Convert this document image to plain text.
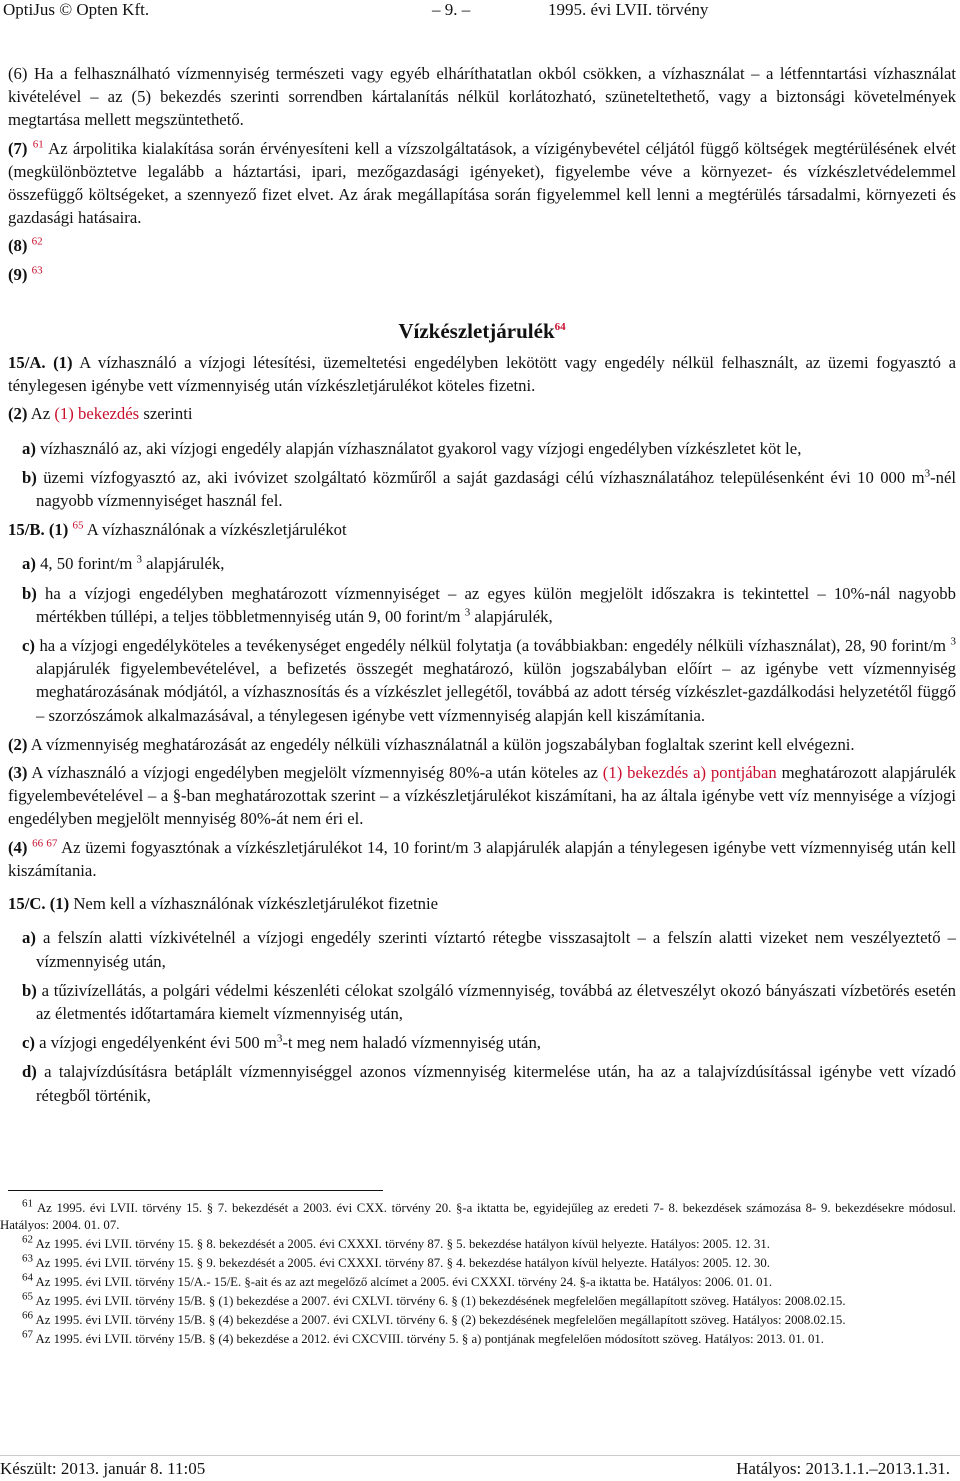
OptiJus © Opten Kft.	– 9. –	1995. évi LVII. törvény

(6) Ha a felhasználható vízmennyiség természeti vagy egyéb elháríthatatlan okból csökken, a vízhasználat – a létfenntartási vízhasználat kivételével – az (5) bekezdés szerinti sorrendben kártalanítás nélkül korlátozható, szüneteltethető, vagy a biztonsági követelmények megtartása mellett megszüntethető.

(7) $^{61}$ Az árpolitika kialakítása során érvényesíteni kell a vízszolgáltatások, a vízigénybevétel céljától függő költségek megtérülésének elvét (megkülönböztetve legalább a háztartási, ipari, mezőgazdasági igényeket), figyelembe véve a környezet- és vízkészletvédelemmel összefüggő költségeket, a szennyező fizet elvet. Az árak megállapítása során figyelemmel kell lenni a megtérülés társadalmi, környezeti és gazdasági hatásaira.

(8) $^{62}$

(9) $^{63}$

Vízkészletjárulék$^{64}$

15/A. (1) A vízhasználó a vízjogi létesítési, üzemeltetési engedélyben lekötött vagy engedély nélkül felhasznált, az üzemi fogyasztó a ténylegesen igénybe vett vízmennyiség után vízkészletjárulékot köteles fizetni.

(2) Az (1) bekezdés szerinti

a) vízhasználó az, aki vízjogi engedély alapján vízhasználatot gyakorol vagy vízjogi engedélyben vízkészletet köt le,

b) üzemi vízfogyasztó az, aki ivóvizet szolgáltató közműről a saját gazdasági célú vízhasználatához településenként évi 10 000 $m^3$-nél nagyobb vízmennyiséget használ fel.

15/B. (1) $^{65}$ A vízhasználónak a vízkészletjárulékot

a) 4, 50 forint/m $^3$ alapjárulék,

b) ha a vízjogi engedélyben meghatározott vízmennyiséget – az egyes külön megjelölt időszakra is tekintettel – 10%-nál nagyobb mértékben túllépi, a teljes többletmennyiség után 9, 00 forint/m $^3$ alapjárulék,

c) ha a vízjogi engedélyköteles a tevékenységet engedély nélkül folytatja (a továbbiakban: engedély nélküli vízhasználat), 28, 90 forint/m $^3$ alapjárulék figyelembevételével, a befizetés összegét meghatározó, külön jogszabályban előírt – az igénybe vett vízmennyiség meghatározásának módjától, a vízhasznosítás és a vízkészlet jellegétől, továbbá az adott térség vízkészlet-gazdálkodási helyzetétől függő – szorzószámok alkalmazásával, a ténylegesen igénybe vett vízmennyiség alapján kell kiszámítania.

(2) A vízmennyiség meghatározását az engedély nélküli vízhasználatnál a külön jogszabályban foglaltak szerint kell elvégezni.

(3) A vízhasználó a vízjogi engedélyben megjelölt vízmennyiség 80%-a után köteles az (1) bekezdés a) pontjában meghatározott alapjárulék figyelembevételével – a §-ban meghatározottak szerint – a vízkészletjárulékot kiszámítani, ha az általa igénybe vett víz mennyisége a vízjogi engedélyben megjelölt mennyiség 80%-át nem éri el.

(4) $^{66 67}$ Az üzemi fogyasztónak a vízkészletjárulékot 14, 10 forint/m 3 alapjárulék alapján a ténylegesen igénybe vett vízmennyiség után kell kiszámítania.

15/C. (1) Nem kell a vízhasználónak vízkészletjárulékot fizetnie

a) a felszín alatti vízkivételnél a vízjogi engedély szerinti víztartó rétegbe visszasajtolt – a felszín alatti vizeket nem veszélyeztető – vízmennyiség után,

b) a tűzivízellátás, a polgári védelmi készenléti célokat szolgáló vízmennyiség, továbbá az életveszélyt okozó bányászati vízbetörés esetén az életmentés időtartamára kiemelt vízmennyiség után,

c) a vízjogi engedélyenként évi 500 $m^3-t$ meg nem haladó vízmennyiség után,

d) a talajvízdúsításra betáplált vízmennyiséggel azonos vízmennyiség kitermelése után, ha az a talajvízdúsítással igénybe vett vízadó rétegből történik,

61 Az 1995. évi LVII. törvény 15. § 7. bekezdését a 2003. évi CXX. törvény 20. §-a iktatta be, egyidejűleg az eredeti 7- 8. bekezdések számozása 8- 9. bekezdésekre módosul. Hatályos: 2004. 01. 07.

62 Az 1995. évi LVII. törvény 15. § 8. bekezdését a 2005. évi CXXXI. törvény 87. § 5. bekezdése hatályon kívül helyezte. Hatályos: 2005. 12. 31.

63 Az 1995. évi LVII. törvény 15. § 9. bekezdését a 2005. évi CXXXI. törvény 87. § 4. bekezdése hatályon kívül helyezte. Hatályos: 2005. 12. 30.

64 Az 1995. évi LVII. törvény 15/A.- 15/E. §-ait és az azt megelőző alcímet a 2005. évi CXXXI. törvény 24. §-a iktatta be. Hatályos: 2006. 01. 01.

65 Az 1995. évi LVII. törvény 15/B. § (1) bekezdése a 2007. évi CXLVI. törvény 6. § (1) bekezdésének megfelelően megállapított szöveg. Hatályos: 2008.02.15.

66 Az 1995. évi LVII. törvény 15/B. § (4) bekezdése a 2007. évi CXLVI. törvény 6. § (2) bekezdésének megfelelően megállapított szöveg. Hatályos: 2008.02.15.

67 Az 1995. évi LVII. törvény 15/B. § (4) bekezdése a 2012. évi CXCVIII. törvény 5. § a) pontjának megfelelően módosított szöveg. Hatályos: 2013. 01. 01.

Készült: 2013. január 8. 11:05	Hatályos: 2013.1.1.–2013.1.31.
